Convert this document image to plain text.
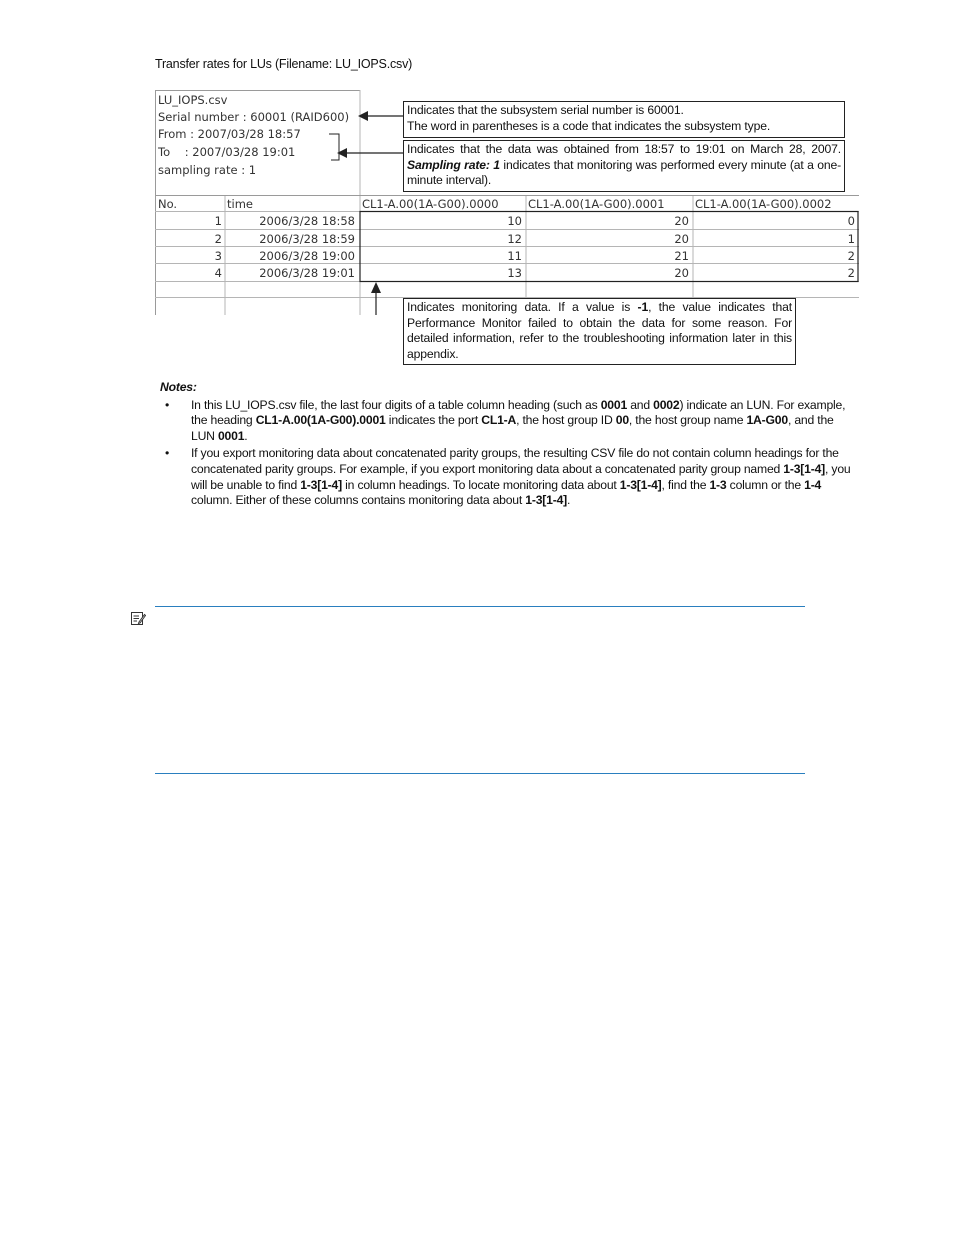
Transfer rates for LUs (Filename: LU_IOPS.csv)
LU_IOPS.csv
Serial number : 60001 (RAID600)
From : 2007/03/28 18:57
To    : 2007/03/28 19:01
sampling rate : 1
No.	time	CL1-A.00(1A-G00).0000	CL1-A.00(1A-G00).0001	CL1-A.00(1A-G00).0002
1	2006/3/28 18:58	10	20	0
2	2006/3/28 18:59	12	20	1
3	2006/3/28 19:00	11	21	2
4	2006/3/28 19:01	13	20	2
Indicates that the subsystem serial number is 60001.
The word in parentheses is a code that indicates the subsystem type.
Indicates that the data was obtained from 18:57 to 19:01 on March 28, 2007. Sampling rate: 1 indicates that monitoring was performed every minute (at a one-minute interval).
Indicates monitoring data. If a value is -1, the value indicates that Performance Monitor failed to obtain the data for some reason. For detailed information, refer to the troubleshooting information later in this appendix.
Notes:
• In this LU_IOPS.csv file, the last four digits of a table column heading (such as 0001 and 0002) indicate an LUN. For example, the heading CL1-A.00(1A-G00).0001 indicates the port CL1-A, the host group ID 00, the host group name 1A-G00, and the LUN 0001.
• If you export monitoring data about concatenated parity groups, the resulting CSV file do not contain column headings for the concatenated parity groups. For example, if you export monitoring data about a concatenated parity group named 1-3[1-4], you will be unable to find 1-3[1-4] in column headings. To locate monitoring data about 1-3[1-4], find the 1-3 column or the 1-4 column. Either of these columns contains monitoring data about 1-3[1-4].
